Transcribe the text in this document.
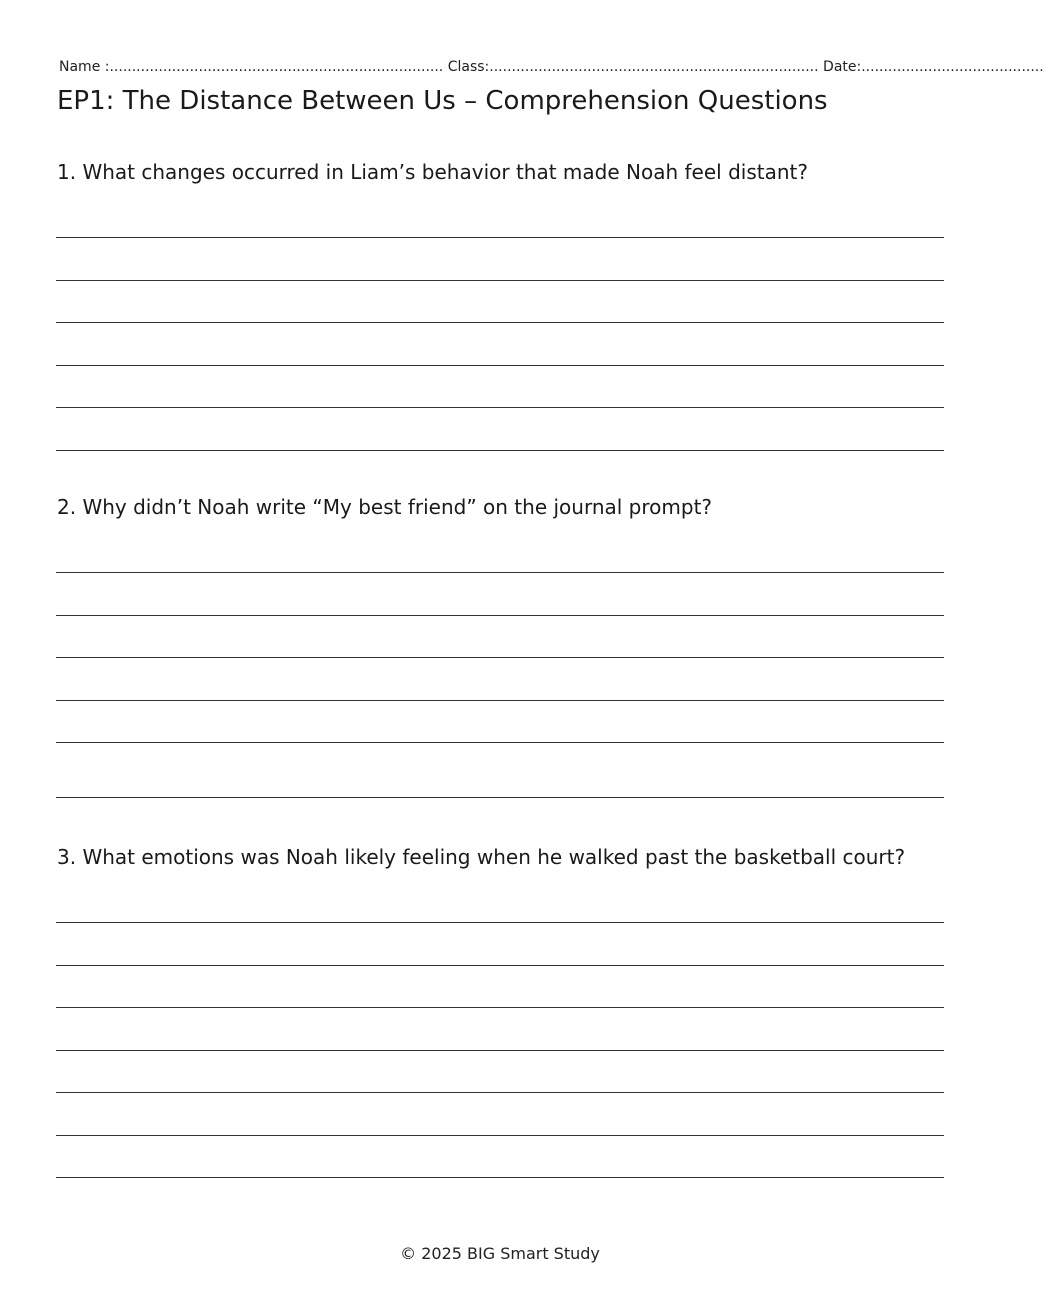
Name :........................................................................... Class:.......................................................................... Date:.........................................
EP1: The Distance Between Us – Comprehension Questions
1. What changes occurred in Liam’s behavior that made Noah feel distant?
2. Why didn’t Noah write “My best friend” on the journal prompt?
3. What emotions was Noah likely feeling when he walked past the basketball court?
© 2025 BIG Smart Study
